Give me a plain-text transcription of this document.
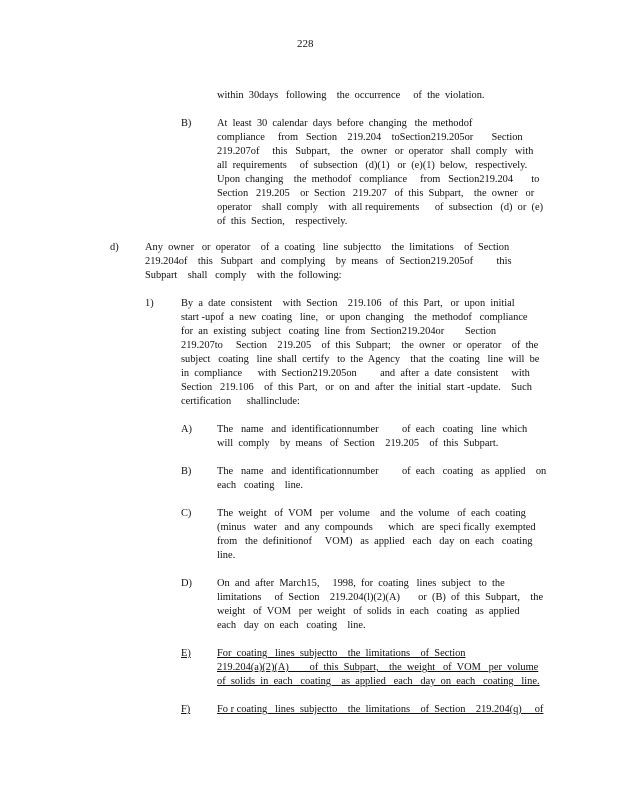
228
within  30days   following    the  occurrence     of  the  violation.
B) At  least  30  calendar  days  before  changing   the  methodof
compliance     from   Section    219.204    toSection219.205or       Section
219.207of     this   Subpart,    the   owner   or  operator   shall  comply   with
all  requirements     of  subsection   (d)(1)   or  (e)(1)  below,   respectively.
Upon  changing    the  methodof   compliance     from   Section219.204       to
Section   219.205    or  Section   219.207   of  this  Subpart,    the  owner   or
operator    shall  comply    with  all requirements      of  subsection   (d)  or  (e)
of  this  Section,    respectively.
d)	Any  owner   or  operator    of  a  coating   line  subjectto    the  limitations    of  Section
219.204of    this   Subpart   and  complying    by  means   of  Section219.205of         this
Subpart    shall   comply    with  the  following:
1)	By  a  date  consistent    with  Section    219.106   of  this  Part,   or  upon  initial
start -upof  a  new  coating   line,   or  upon  changing    the  methodof   compliance
for  an  existing  subject   coating  line  from  Section219.204or        Section
219.207to     Section    219.205    of  this  Subpart;    the  owner   or  operator    of  the
subject   coating   line  shall  certify   to  the  Agency    that  the  coating   line  will  be
in  compliance      with  Section219.205on         and  after  a  date  consistent     with
Section   219.106    of  this  Part,   or  on  and  after  the  initial  start -update.    Such
certification      shallinclude:
A) The   name   and  identificationnumber         of  each   coating   line  which
will  comply    by  means   of  Section    219.205    of  this  Subpart.
B) The   name   and  identificationnumber         of  each   coating   as  applied    on
each   coating    line.
C) The  weight   of  VOM   per  volume    and  the  volume   of  each  coating
(minus   water   and  any  compounds      which   are  speci fically  exempted
from   the  definitionof     VOM)   as  applied   each   day  on  each   coating
line.
D) On  and  after  March15,     1998,  for  coating   lines  subject   to  the
limitations     of  Section    219.204(l)(2)(A)       or  (B)  of  this  Subpart,    the
weight   of  VOM   per  weight   of  solids  in  each   coating   as  applied
each   day  on  each   coating    line.
E)	For  coating   lines  subjectto    the  limitations    of  Section
219.204(a)(2)(A)        of  this  Subpart,    the  weight   of  VOM   per  volume
of  solids  in  each   coating    as  applied   each   day  on  each   coating   line.
F)	Fo r coating   lines  subjectto    the  limitations    of  Section    219.204(q)     of
